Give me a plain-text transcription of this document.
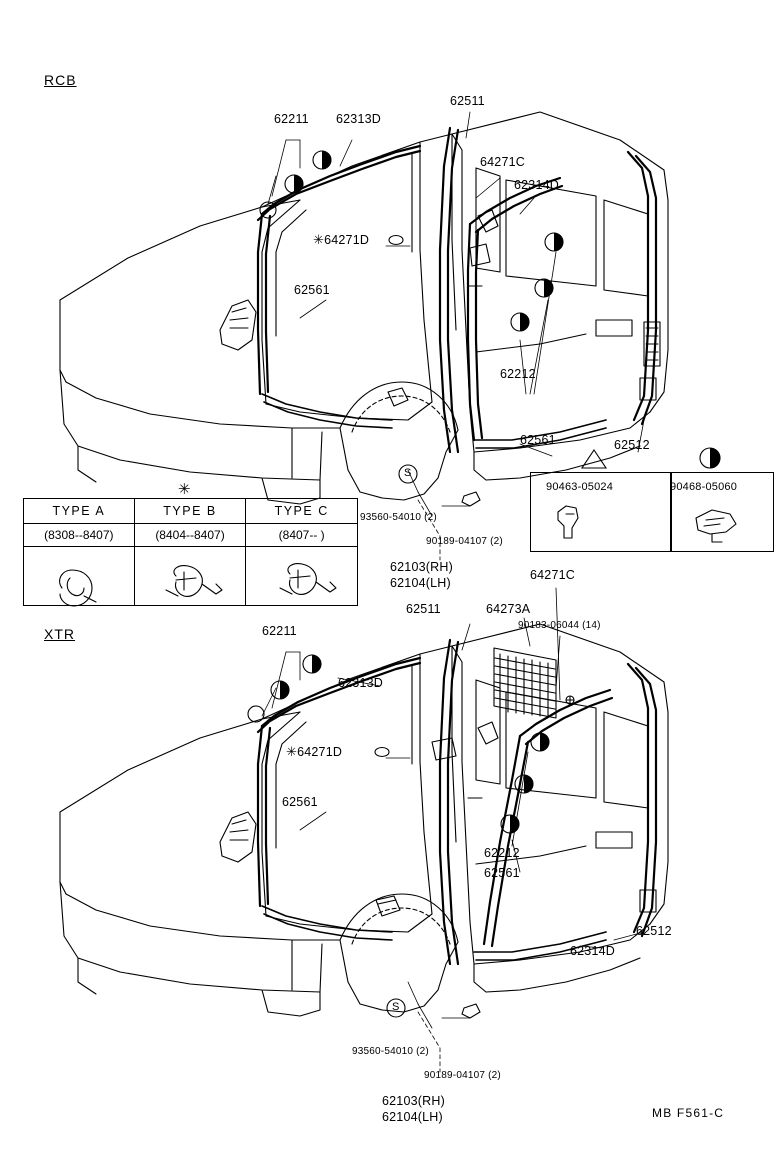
RCB
XTR
62211 62313D
62511
64271C
62314D
✳64271D
62561
62212
62561	62512
93560-54010 (2)
90189-04107 (2)
62103(RH)
62104(LH)
90463-05024	90468-05060
✳
TYPE A	TYPE B	TYPE C
(8308--8407)	(8404--8407)	(8407-- )

62211
62511	64273A
64271C
90183-06044 (14)
62313D
✳64271D
62561
62212
62561
62512
62314D
93560-54010 (2)
90189-04107 (2)
62103(RH)
62104(LH)
S
S
MB F561-C
